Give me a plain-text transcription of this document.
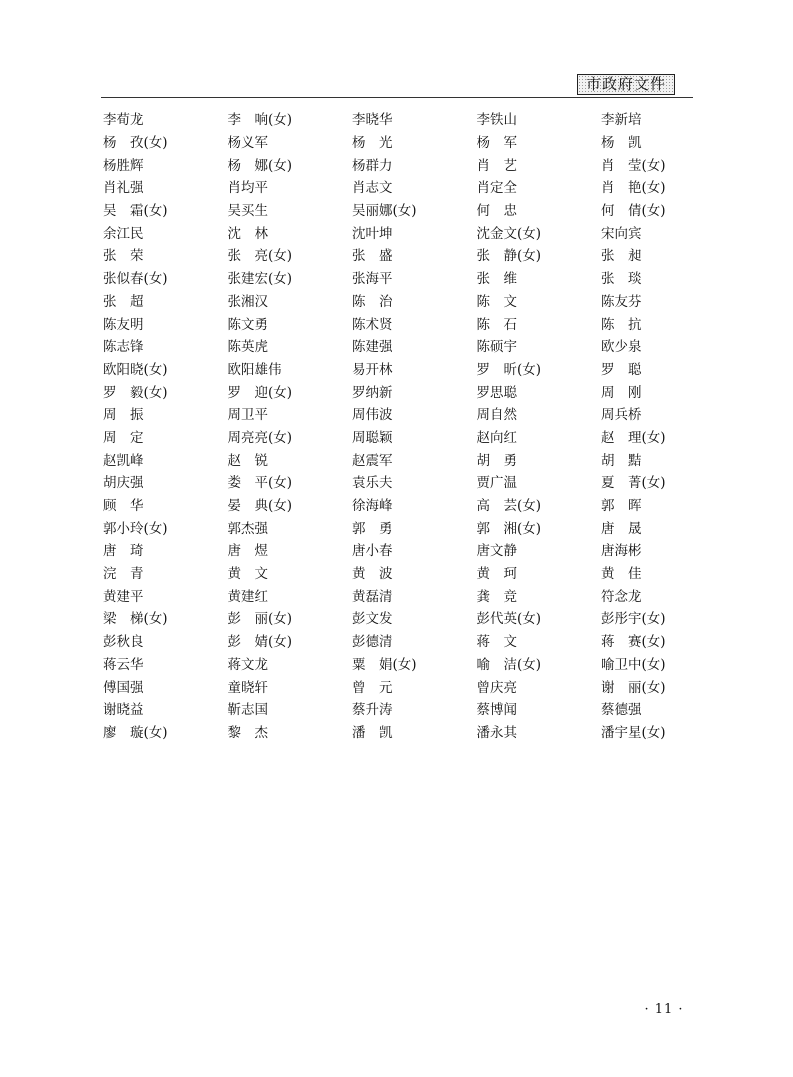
市政府文件
李荀龙	李　响(女)	李晓华	李铁山	李新培
杨　孜(女)	杨义军	杨　光	杨　军	杨　凯
杨胜辉	杨　娜(女)	杨群力	肖　艺	肖　莹(女)
肖礼强	肖均平	肖志文	肖定全	肖　艳(女)
吴　霜(女)	吴买生	吴丽娜(女)	何　忠	何　倩(女)
余江民	沈　林	沈叶坤	沈金文(女)	宋向宾
张　荣	张　亮(女)	张　盛	张　静(女)	张　昶
张似春(女)	张建宏(女)	张海平	张　维	张　琰
张　超	张湘汉	陈　治	陈　文	陈友芬
陈友明	陈文勇	陈术贤	陈　石	陈　抗
陈志锋	陈英虎	陈建强	陈硕宇	欧少泉
欧阳晓(女)	欧阳雄伟	易开林	罗　昕(女)	罗　聪
罗　毅(女)	罗　迎(女)	罗纳新	罗思聪	周　刚
周　振	周卫平	周伟波	周自然	周兵桥
周　定	周亮亮(女)	周聪颖	赵向红	赵　理(女)
赵凯峰	赵　锐	赵震军	胡　勇	胡　黠
胡庆强	娄　平(女)	袁乐夫	贾广温	夏　菁(女)
顾　华	晏　典(女)	徐海峰	高　芸(女)	郭　晖
郭小玲(女)	郭杰强	郭　勇	郭　湘(女)	唐　晟
唐　琦	唐　煜	唐小春	唐文静	唐海彬
浣　青	黄　文	黄　波	黄　珂	黄　佳
黄建平	黄建红	黄磊清	龚　竞	符念龙
梁　梯(女)	彭　丽(女)	彭文发	彭代英(女)	彭彤宇(女)
彭秋良	彭　婧(女)	彭德清	蒋　文	蒋　赛(女)
蒋云华	蒋文龙	粟　娟(女)	喻　洁(女)	喻卫中(女)
傅国强	童晓轩	曾　元	曾庆亮	谢　丽(女)
谢晓益	靳志国	蔡升涛	蔡博闻	蔡德强
廖　璇(女)	黎　杰	潘　凯	潘永其	潘宇星(女)
· 11 ·
